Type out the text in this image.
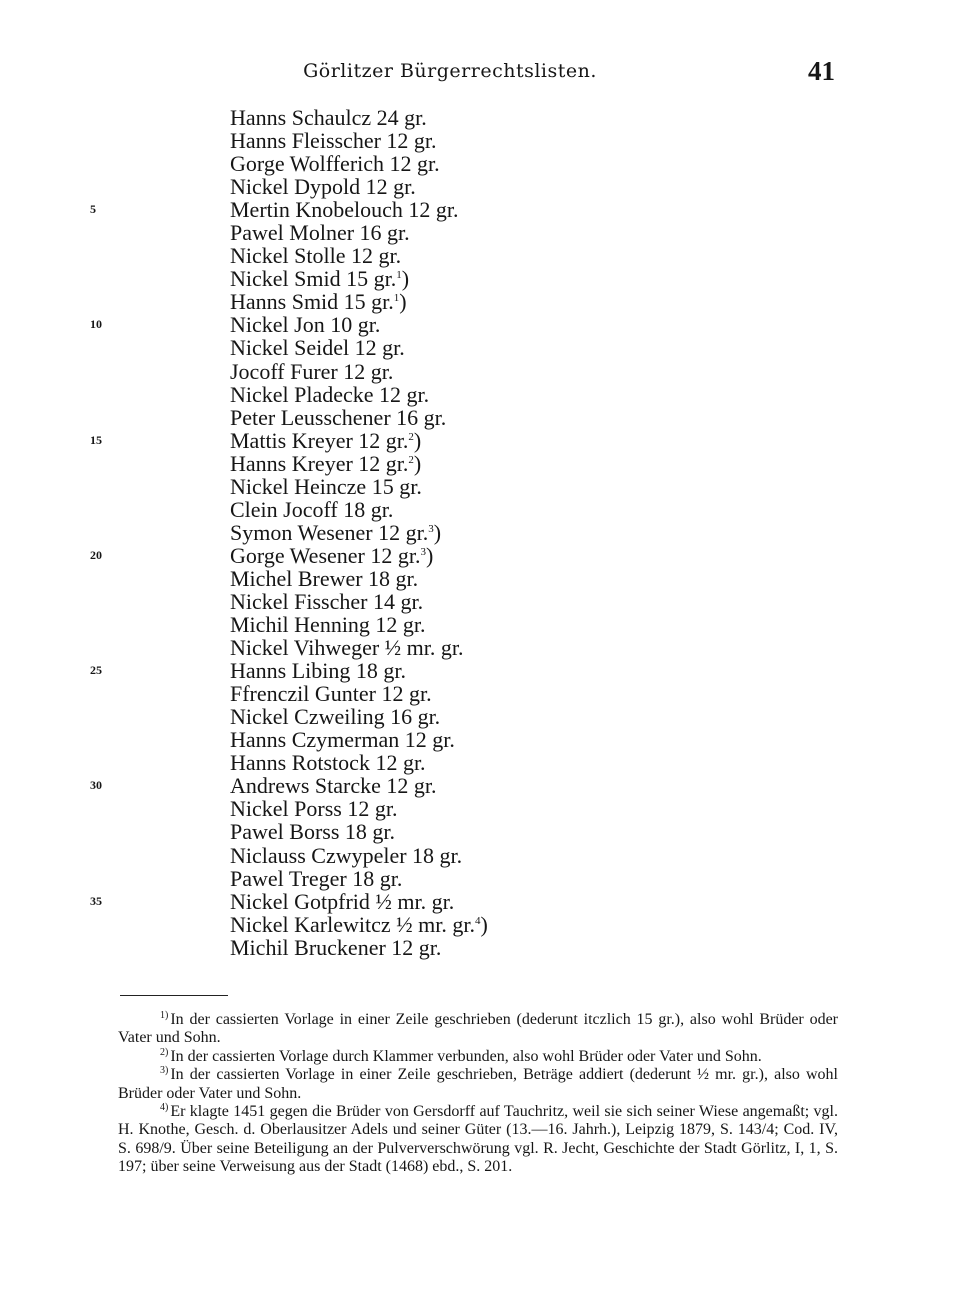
Görlitzer Bürgerrechtslisten.	41
Hanns Schaulcz 24 gr.
Hanns Fleisscher 12 gr.
Gorge Wolfferich 12 gr.
Nickel Dypold 12 gr.
5	Mertin Knobelouch 12 gr.
Pawel Molner 16 gr.
Nickel Stolle 12 gr.
Nickel Smid 15 gr.$^1$)
Hanns Smid 15 gr.$^1$)
10	Nickel Jon 10 gr.
Nickel Seidel 12 gr.
Jocoff Furer 12 gr.
Nickel Pladecke 12 gr.
Peter Leusschener 16 gr.
15	Mattis Kreyer 12 gr.$^2$)
Hanns Kreyer 12 gr.$^2$)
Nickel Heincze 15 gr.
Clein Jocoff 18 gr.
Symon Wesener 12 gr.$^3$)
20	Gorge Wesener 12 gr.$^3$)
Michel Brewer 18 gr.
Nickel Fisscher 14 gr.
Michil Henning 12 gr.
Nickel Vihweger ½ mr. gr.
25	Hanns Libing 18 gr.
Ffrenczil Gunter 12 gr.
Nickel Czweiling 16 gr.
Hanns Czymerman 12 gr.
Hanns Rotstock 12 gr.
30	Andrews Starcke 12 gr.
Nickel Porss 12 gr.
Pawel Borss 18 gr.
Niclauss Czwypeler 18 gr.
Pawel Treger 18 gr.
35	Nickel Gotpfrid ½ mr. gr.
Nickel Karlewitcz ½ mr. gr.$^4$)
Michil Bruckener 12 gr.

$^{1)}$ In der cassierten Vorlage in einer Zeile geschrieben (dederunt itczlich 15 gr.), also wohl Brüder oder Vater und Sohn.

$^{2)}$ In der cassierten Vorlage durch Klammer verbunden, also wohl Brüder oder Vater und Sohn.

$^{3)}$ In der cassierten Vorlage in einer Zeile geschrieben, Beträge addiert (dederunt ½ mr. gr.), also wohl Brüder oder Vater und Sohn.

$^{4)}$ Er klagte 1451 gegen die Brüder von Gersdorff auf Tauchritz, weil sie sich seiner Wiese angemaßt; vgl. H. Knothe, Gesch. d. Oberlausitzer Adels und seiner Güter (13.—16. Jahrh.), Leipzig 1879, S. 143/4; Cod. IV, S. 698/9. Über seine Beteiligung an der Pulververschwörung vgl. R. Jecht, Geschichte der Stadt Görlitz, I, 1, S. 197; über seine Verweisung aus der Stadt (1468) ebd., S. 201.
